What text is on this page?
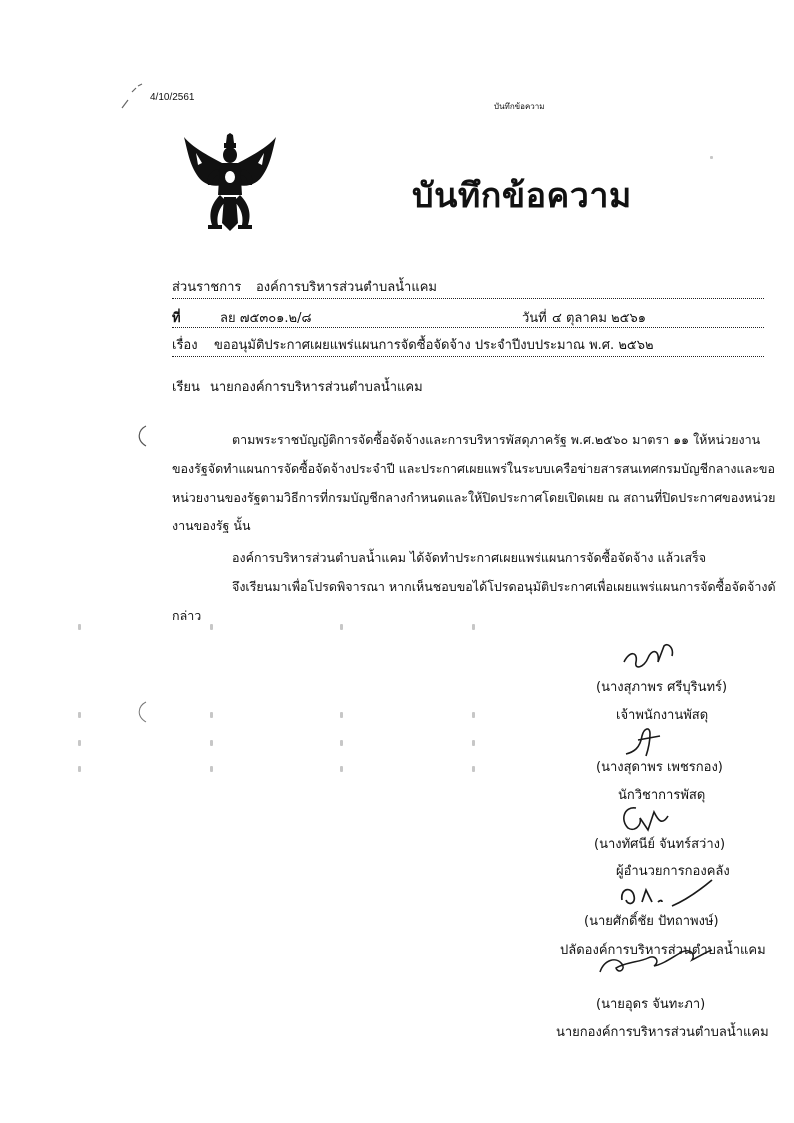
4/10/2561
บันทึกข้อความ
บันทึกข้อความ
ส่วนราชการ องค์การบริหารส่วนตำบลน้ำแคม
ที่	ลย ๗๕๓๐๑.๒/๘	วันที่ ๔ ตุลาคม ๒๕๖๑
เรื่อง ขออนุมัติประกาศเผยแพร่แผนการจัดซื้อจัดจ้าง ประจำปีงบประมาณ พ.ศ. ๒๕๖๒
เรียน นายกองค์การบริหารส่วนตำบลน้ำแคม
ตามพระราชบัญญัติการจัดซื้อจัดจ้างและการบริหารพัสดุภาครัฐ พ.ศ.๒๕๖๐ มาตรา ๑๑ ให้หน่วยงาน
ของรัฐจัดทำแผนการจัดซื้อจัดจ้างประจำปี และประกาศเผยแพร่ในระบบเครือข่ายสารสนเทศกรมบัญชีกลางและขอ
หน่วยงานของรัฐตามวิธีการที่กรมบัญชีกลางกำหนดและให้ปิดประกาศโดยเปิดเผย ณ สถานที่ปิดประกาศของหน่วย
งานของรัฐ นั้น
องค์การบริหารส่วนตำบลน้ำแคม ได้จัดทำประกาศเผยแพร่แผนการจัดซื้อจัดจ้าง แล้วเสร็จ
จึงเรียนมาเพื่อโปรดพิจารณา หากเห็นชอบขอได้โปรดอนุมัติประกาศเพื่อเผยแพร่แผนการจัดซื้อจัดจ้างดั
กล่าว
(นางสุภาพร ศรีบุรินทร์)
เจ้าพนักงานพัสดุ
(นางสุดาพร เพชรกอง)
นักวิชาการพัสดุ
(นางทัศนีย์ จันทร์สว่าง)
ผู้อำนวยการกองคลัง
(นายศักดิ์ชัย ปัทถาพงษ์)
ปลัดองค์การบริหารส่วนตำบลน้ำแคม
(นายอุดร จันทะภา)
นายกองค์การบริหารส่วนตำบลน้ำแคม
